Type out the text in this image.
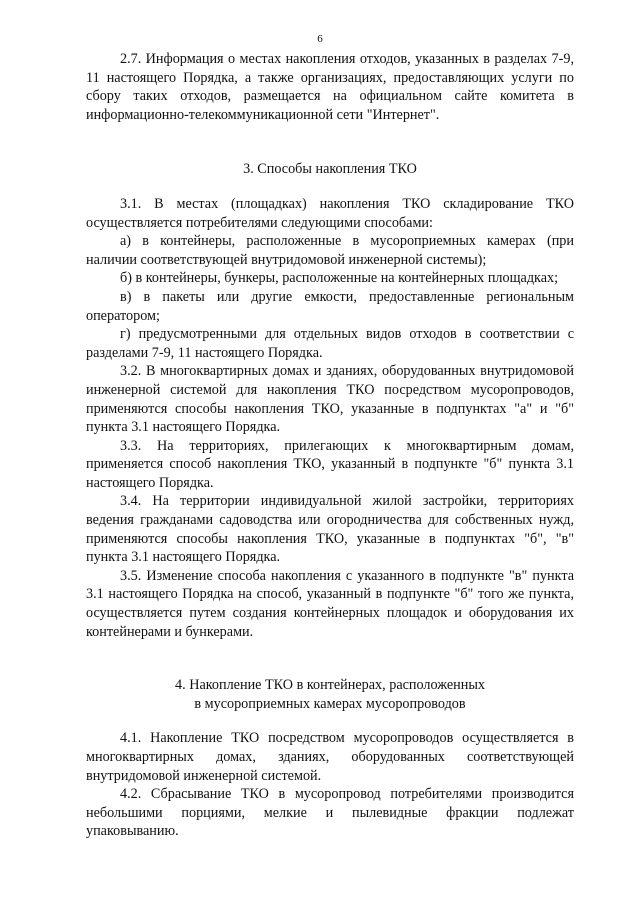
6

2.7. Информация о местах накопления отходов, указанных в разделах 7-9, 11 настоящего Порядка, а также организациях, предоставляющих услуги по сбору таких отходов, размещается на официальном сайте комитета в информационно-телекоммуникационной сети "Интернет".

3. Способы накопления ТКО

3.1. В местах (площадках) накопления ТКО складирование ТКО осуществляется потребителями следующими способами:

а) в контейнеры, расположенные в мусороприемных камерах (при наличии соответствующей внутридомовой инженерной системы);

б) в контейнеры, бункеры, расположенные на контейнерных площадках;

в) в пакеты или другие емкости, предоставленные региональным оператором;

г) предусмотренными для отдельных видов отходов в соответствии с разделами 7-9, 11 настоящего Порядка.

3.2. В многоквартирных домах и зданиях, оборудованных внутридомовой инженерной системой для накопления ТКО посредством мусоропроводов, применяются способы накопления ТКО, указанные в подпунктах "а" и "б" пункта 3.1 настоящего Порядка.

3.3. На территориях, прилегающих к многоквартирным домам, применяется способ накопления ТКО, указанный в подпункте "б" пункта 3.1 настоящего Порядка.

3.4. На территории индивидуальной жилой застройки, территориях ведения гражданами садоводства или огородничества для собственных нужд, применяются способы накопления ТКО, указанные в подпунктах "б", "в" пункта 3.1 настоящего Порядка.

3.5. Изменение способа накопления с указанного в подпункте "в" пункта 3.1 настоящего Порядка на способ, указанный в подпункте "б" того же пункта, осуществляется путем создания контейнерных площадок и оборудования их контейнерами и бункерами.

4. Накопление ТКО в контейнерах, расположенных
в мусороприемных камерах мусоропроводов

4.1. Накопление ТКО посредством мусоропроводов осуществляется в многоквартирных домах, зданиях, оборудованных соответствующей внутридомовой инженерной системой.

4.2. Сбрасывание ТКО в мусоропровод потребителями производится небольшими порциями, мелкие и пылевидные фракции подлежат упаковыванию.
